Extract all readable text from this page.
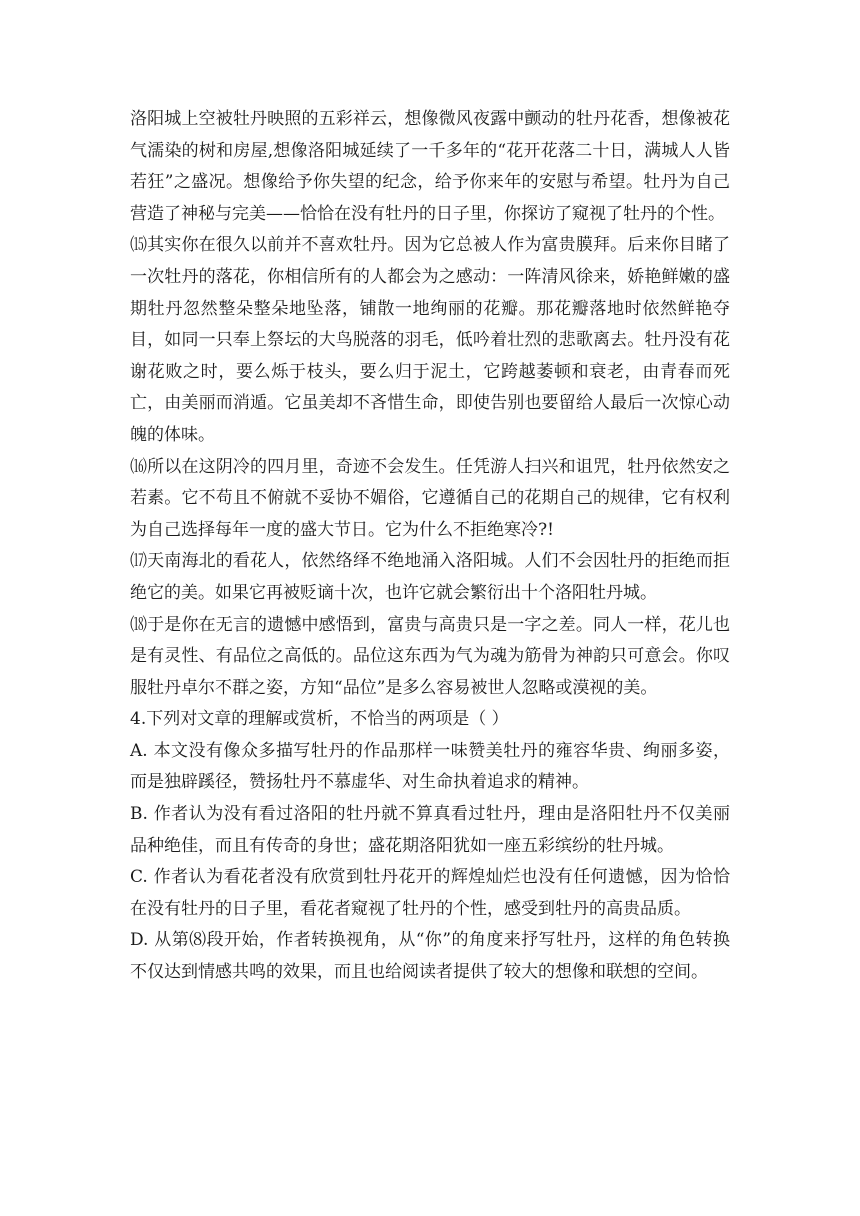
洛阳城上空被牡丹映照的五彩祥云，想像微风夜露中颤动的牡丹花香，想像被花气濡染的树和房屋,想像洛阳城延续了一千多年的“花开花落二十日，满城人人皆若狂”之盛况。想像给予你失望的纪念，给予你来年的安慰与希望。牡丹为自己营造了神秘与完美——恰恰在没有牡丹的日子里，你探访了窥视了牡丹的个性。

⒂其实你在很久以前并不喜欢牡丹。因为它总被人作为富贵膜拜。后来你目睹了一次牡丹的落花，你相信所有的人都会为之感动：一阵清风徐来，娇艳鲜嫩的盛期牡丹忽然整朵整朵地坠落，铺散一地绚丽的花瓣。那花瓣落地时依然鲜艳夺目，如同一只奉上祭坛的大鸟脱落的羽毛，低吟着壮烈的悲歌离去。牡丹没有花谢花败之时，要么烁于枝头，要么归于泥土，它跨越萎顿和衰老，由青春而死亡，由美丽而消遁。它虽美却不吝惜生命，即使告别也要留给人最后一次惊心动魄的体味。

⒃所以在这阴冷的四月里，奇迹不会发生。任凭游人扫兴和诅咒，牡丹依然安之若素。它不苟且不俯就不妥协不媚俗，它遵循自己的花期自己的规律，它有权利为自己选择每年一度的盛大节日。它为什么不拒绝寒冷?!

⒄天南海北的看花人，依然络绎不绝地涌入洛阳城。人们不会因牡丹的拒绝而拒绝它的美。如果它再被贬谪十次，也许它就会繁衍出十个洛阳牡丹城。

⒅于是你在无言的遗憾中感悟到，富贵与高贵只是一字之差。同人一样，花儿也是有灵性、有品位之高低的。品位这东西为气为魂为筋骨为神韵只可意会。你叹服牡丹卓尔不群之姿，方知“品位”是多么容易被世人忽略或漠视的美。

4.下列对文章的理解或赏析，不恰当的两项是（ ）

A. 本文没有像众多描写牡丹的作品那样一味赞美牡丹的雍容华贵、绚丽多姿，而是独辟蹊径，赞扬牡丹不慕虚华、对生命执着追求的精神。

B. 作者认为没有看过洛阳的牡丹就不算真看过牡丹，理由是洛阳牡丹不仅美丽品种绝佳，而且有传奇的身世；盛花期洛阳犹如一座五彩缤纷的牡丹城。

C. 作者认为看花者没有欣赏到牡丹花开的辉煌灿烂也没有任何遗憾，因为恰恰在没有牡丹的日子里，看花者窥视了牡丹的个性，感受到牡丹的高贵品质。

D. 从第⑻段开始，作者转换视角，从“你”的角度来抒写牡丹，这样的角色转换不仅达到情感共鸣的效果，而且也给阅读者提供了较大的想像和联想的空间。
